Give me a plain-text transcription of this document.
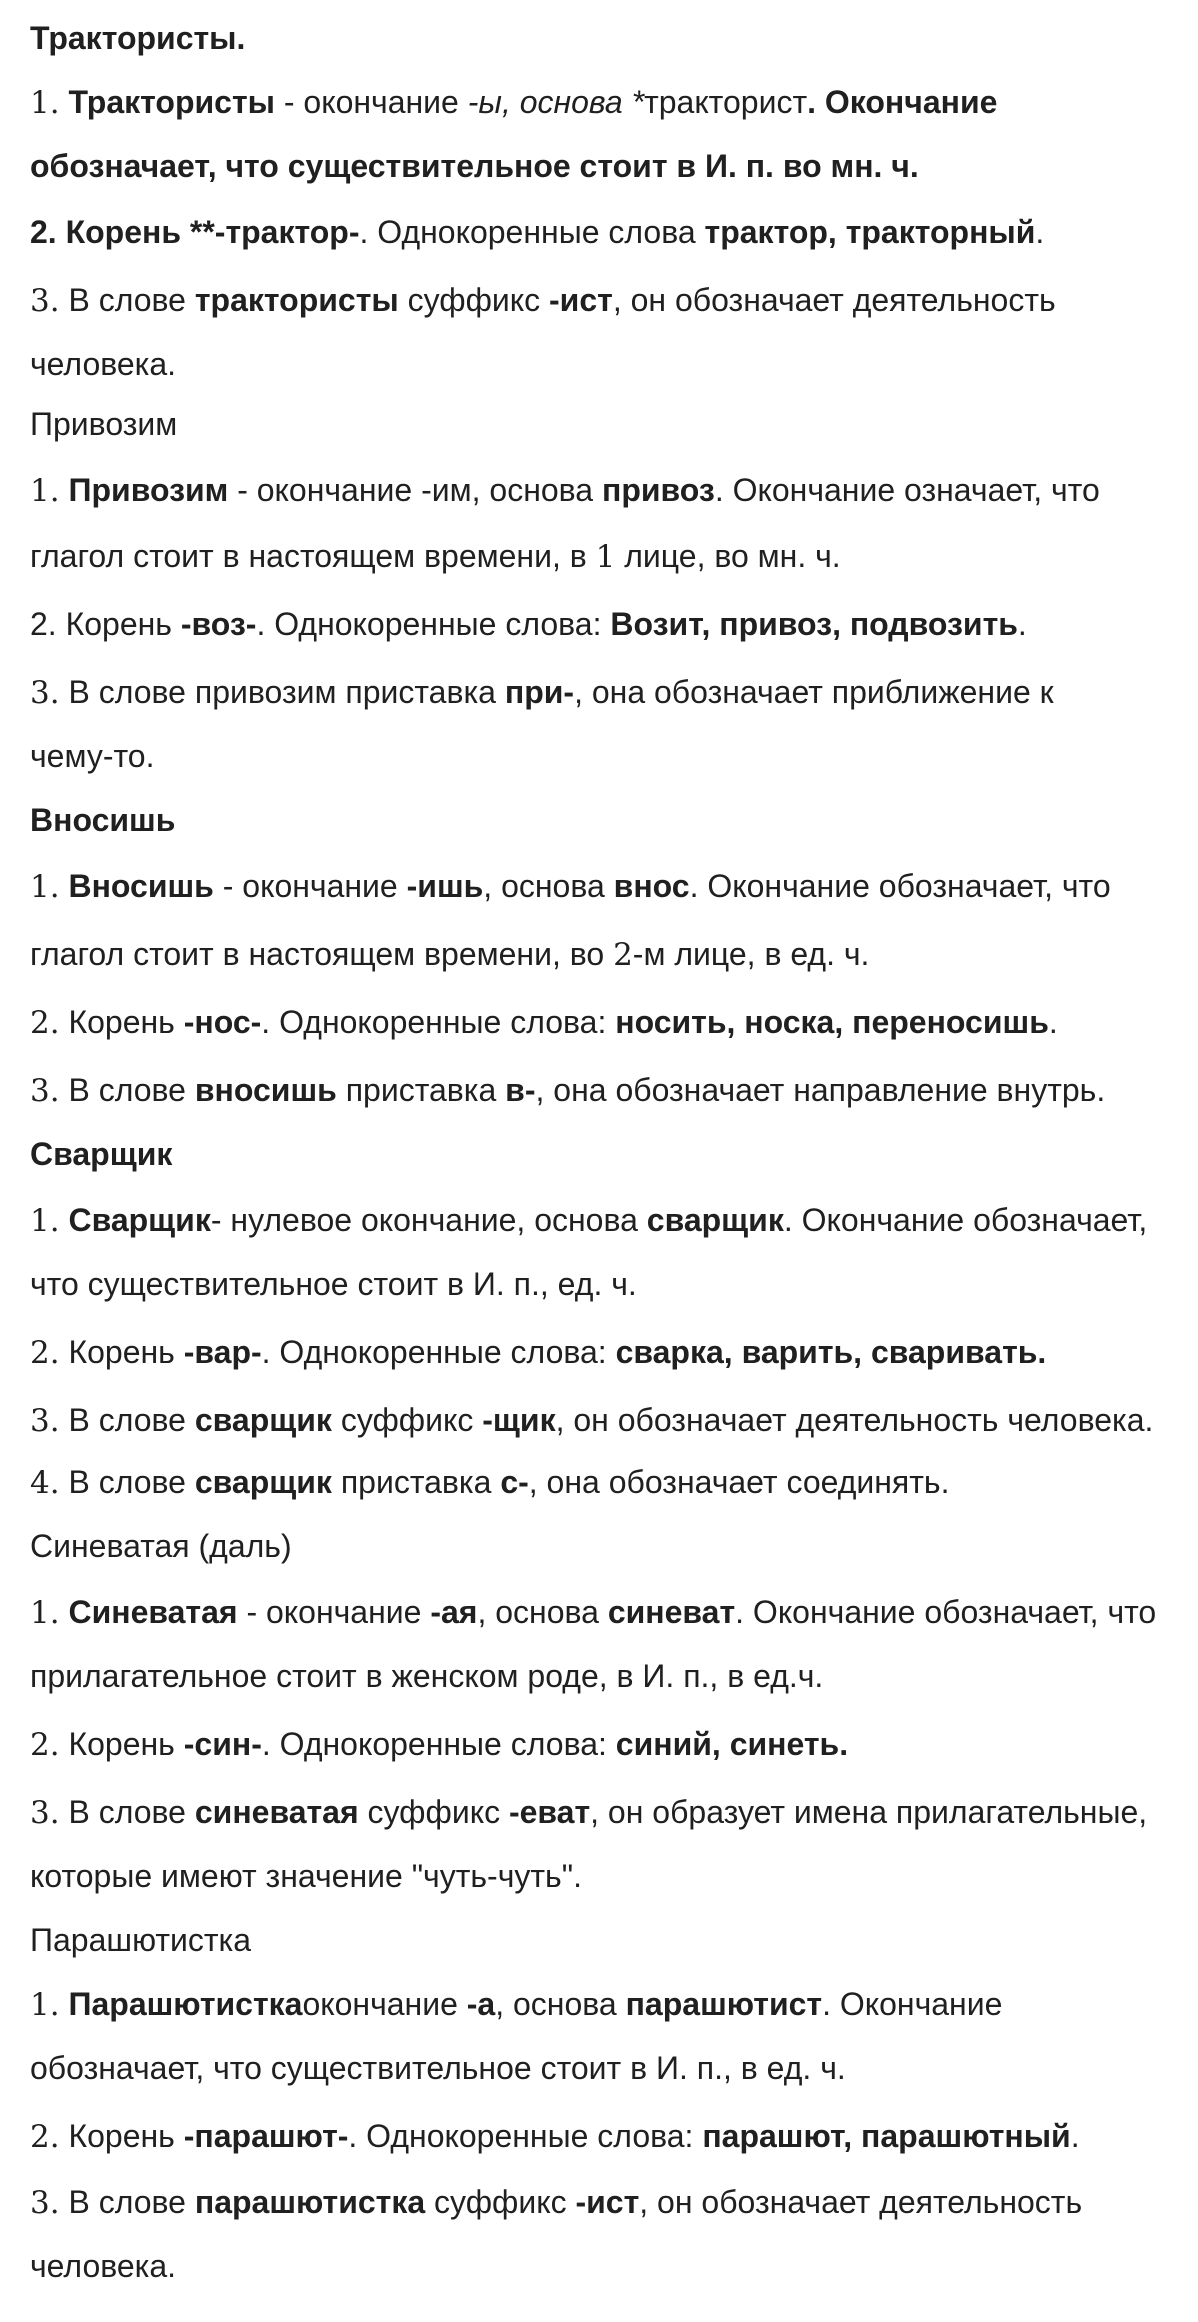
Трактористы.
1. Трактористы - окончание -ы, основа *тракторист. Окончание
обозначает, что существительное стоит в И. п. во мн. ч.
2. Корень **-трактор-. Однокоренные слова трактор, тракторный.
3. В слове трактористы суффикс -ист, он обозначает деятельность
человека.
Привозим
1. Привозим - окончание -им, основа привоз. Окончание означает, что
глагол стоит в настоящем времени, в 1 лице, во мн. ч.
2. Корень -воз-. Однокоренные слова: Возит, привоз, подвозить.
3. В слове привозим приставка при-, она обозначает приближение к
чему-то.
Вносишь
1. Вносишь - окончание -ишь, основа внос. Окончание обозначает, что
глагол стоит в настоящем времени, во 2-м лице, в ед. ч.
2. Корень -нос-. Однокоренные слова: носить, носка, переносишь.
3. В слове вносишь приставка в-, она обозначает направление внутрь.
Сварщик
1. Сварщик- нулевое окончание, основа сварщик. Окончание обозначает,
что существительное стоит в И. п., ед. ч.
2. Корень -вар-. Однокоренные слова: сварка, варить, сваривать.
3. В слове сварщик суффикс -щик, он обозначает деятельность человека.
4. В слове сварщик приставка с-, она обозначает соединять.
Синеватая (даль)
1. Синеватая - окончание -ая, основа синеват. Окончание обозначает, что
прилагательное стоит в женском роде, в И. п., в ед.ч.
2. Корень -син-. Однокоренные слова: синий, синеть.
3. В слове синеватая суффикс -еват, он образует имена прилагательные,
которые имеют значение "чуть-чуть".
Парашютистка
1. Парашютисткаокончание -а, основа парашютист. Окончание
обозначает, что существительное стоит в И. п., в ед. ч.
2. Корень -парашют-. Однокоренные слова: парашют, парашютный.
3. В слове парашютистка суффикс -ист, он обозначает деятельность
человека.
